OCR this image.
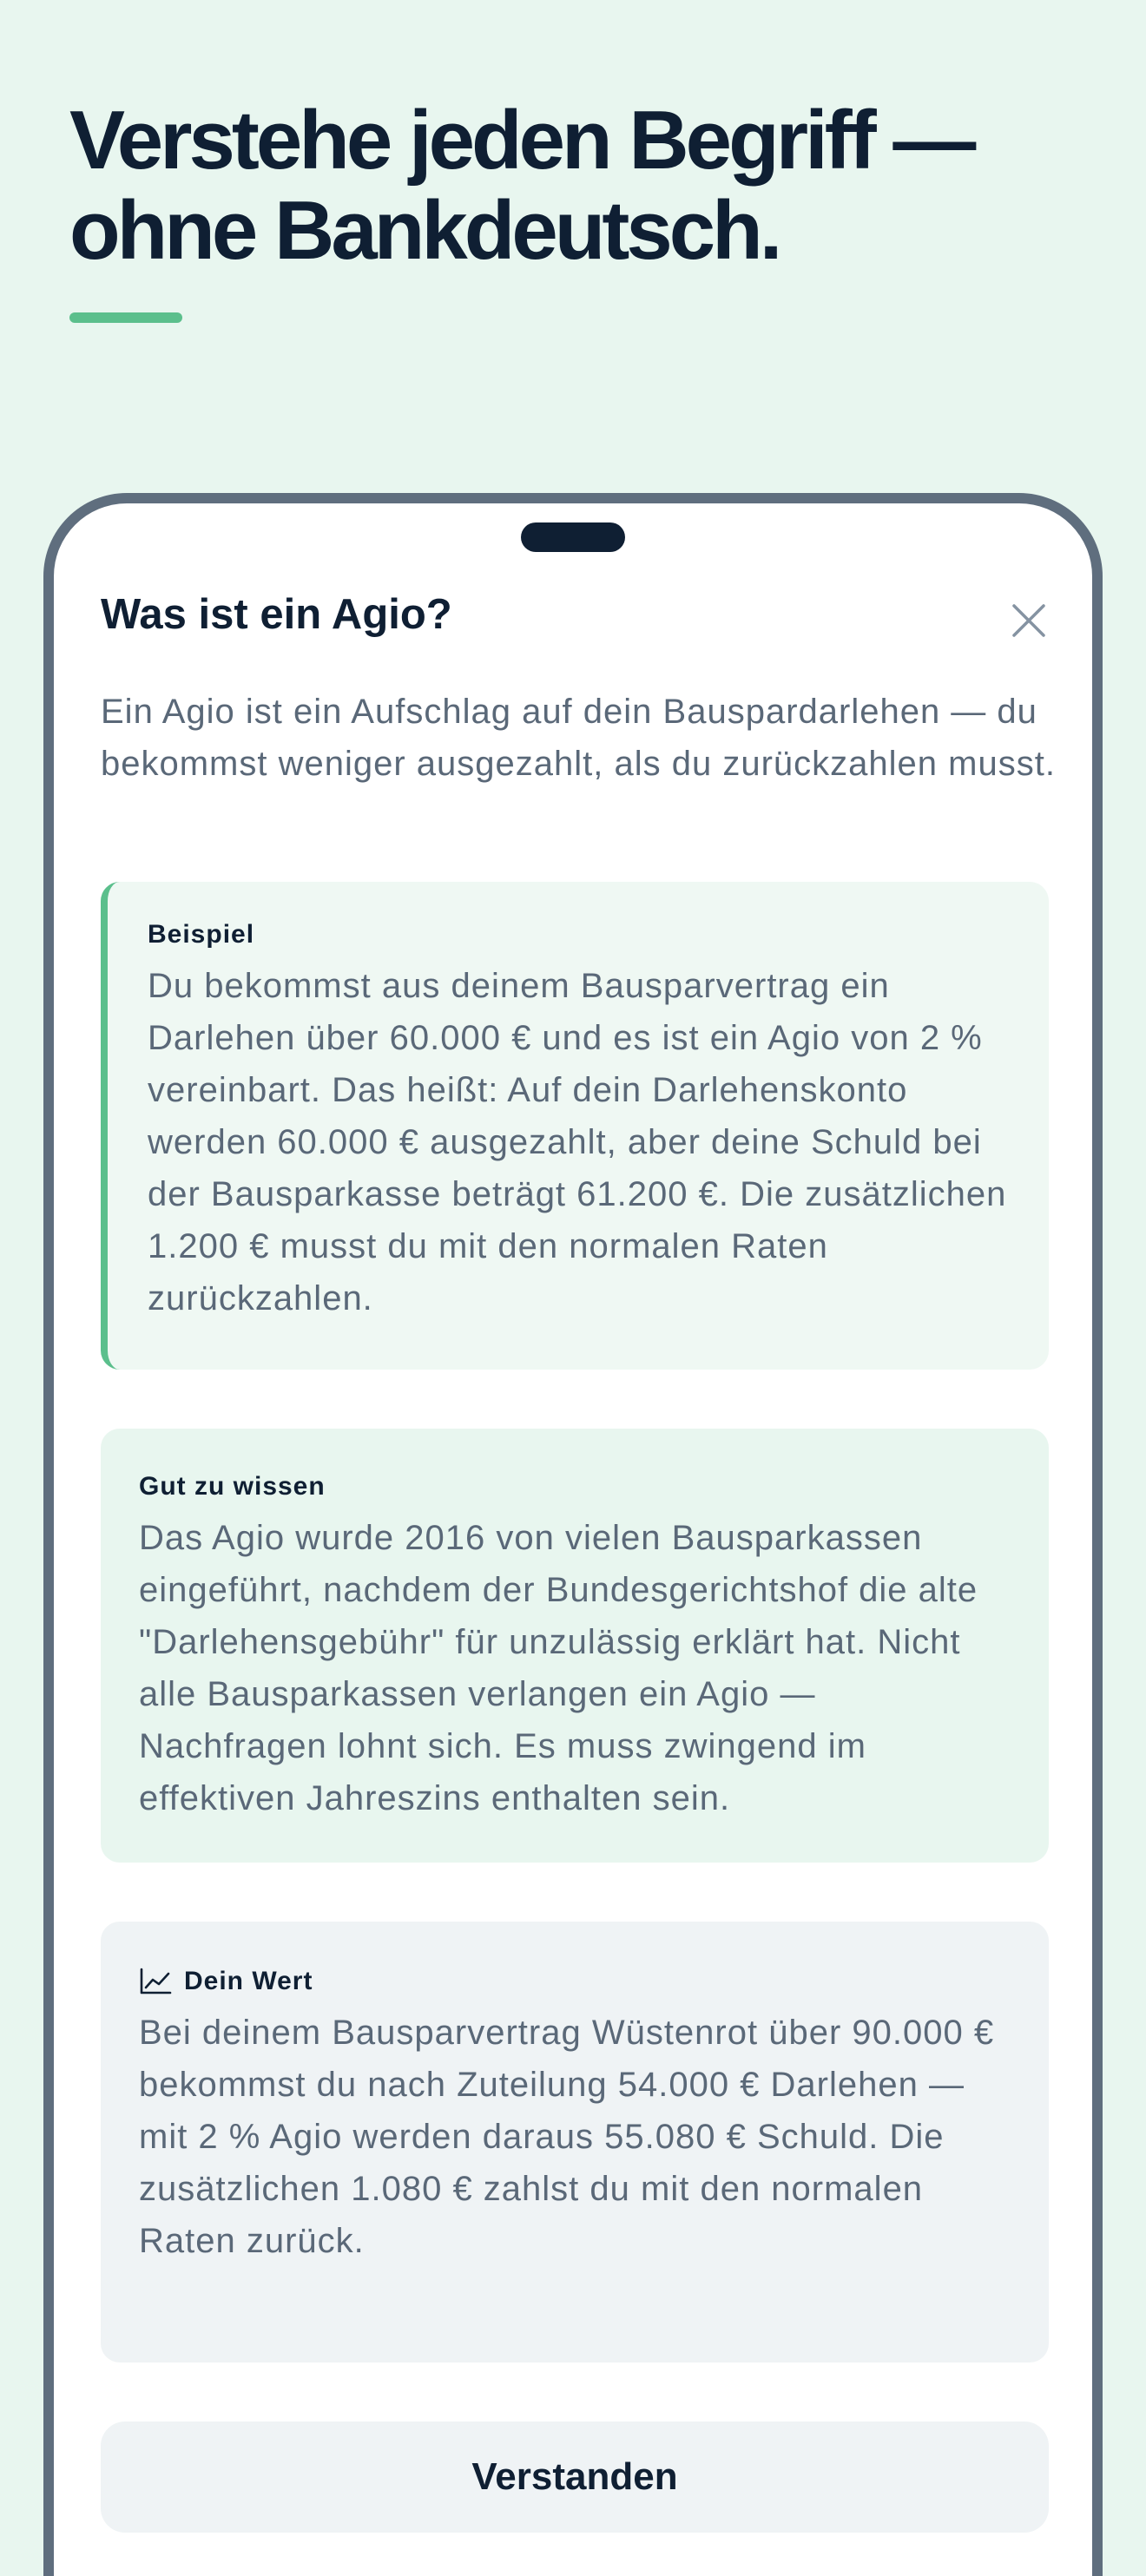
Verstehe jeden Begriff —
ohne Bankdeutsch.
Was ist ein Agio?

Ein Agio ist ein Aufschlag auf dein Bauspardarlehen — du bekommst weniger ausgezahlt, als du zurückzahlen musst.

Beispiel

Du bekommst aus deinem Bausparvertrag ein Darlehen über 60.000 € und es ist ein Agio von 2 % vereinbart. Das heißt: Auf dein Darlehenskonto werden 60.000 € ausgezahlt, aber deine Schuld bei der Bausparkasse beträgt 61.200 €. Die zusätzlichen 1.200 € musst du mit den normalen Raten zurückzahlen.

Gut zu wissen

Das Agio wurde 2016 von vielen Bausparkassen eingeführt, nachdem der Bundesgerichtshof die alte "Darlehensgebühr" für unzulässig erklärt hat. Nicht alle Bausparkassen verlangen ein Agio — Nachfragen lohnt sich. Es muss zwingend im effektiven Jahreszins enthalten sein.

Dein Wert

Bei deinem Bausparvertrag Wüstenrot über 90.000 € bekommst du nach Zuteilung 54.000 € Darlehen — mit 2 % Agio werden daraus 55.080 € Schuld. Die zusätzlichen 1.080 € zahlst du mit den normalen Raten zurück.

Verstanden
